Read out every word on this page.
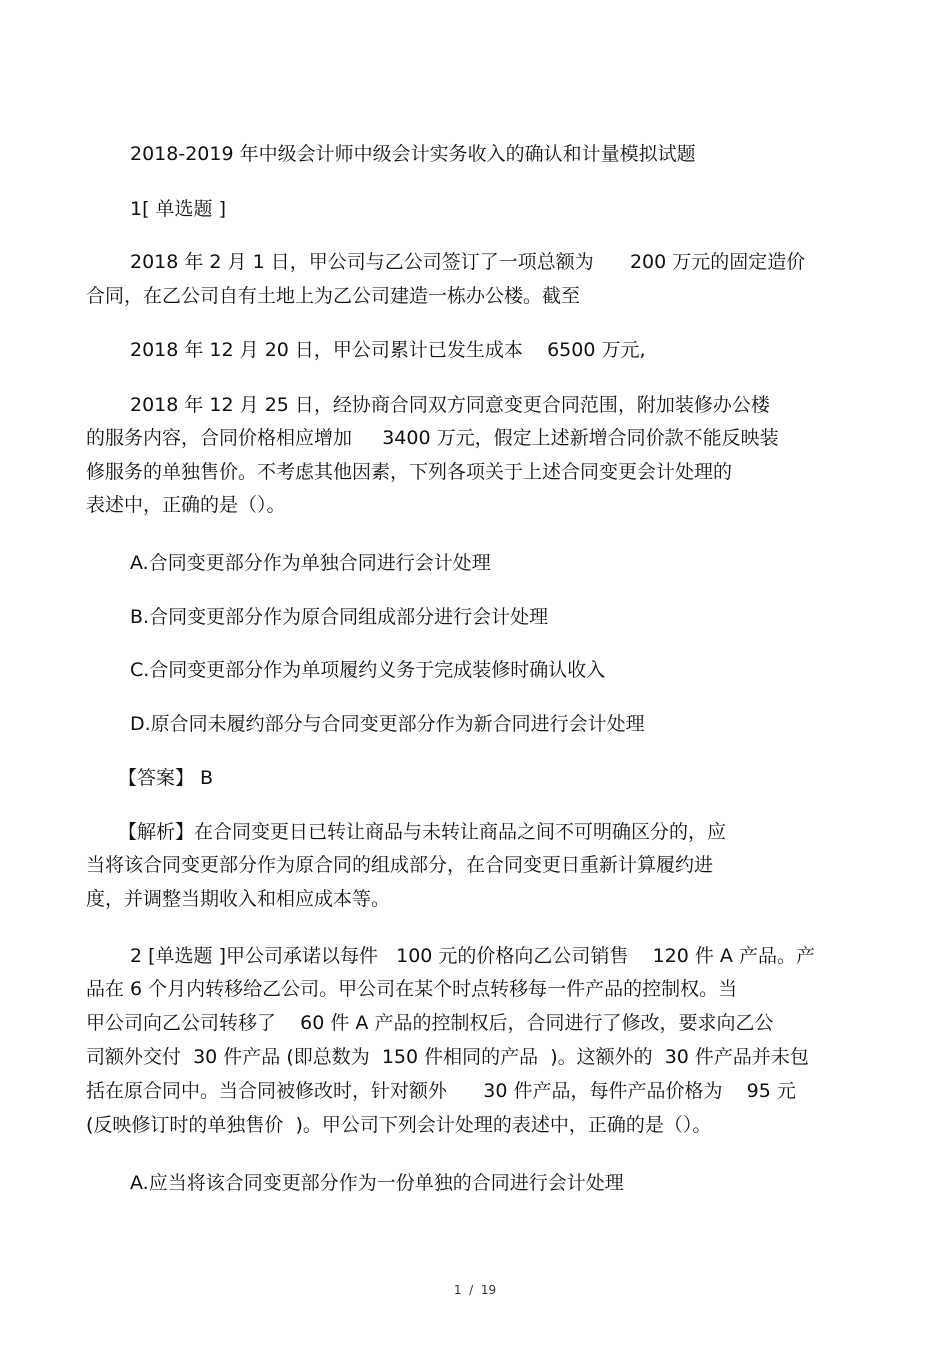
2018-2019 年中级会计师中级会计实务收入的确认和计量模拟试题
1[ 单选题 ]
2018 年 2 月 1 日，甲公司与乙公司签订了一项总额为      200 万元的固定造价
合同，在乙公司自有土地上为乙公司建造一栋办公楼。截至
2018 年 12 月 20 日，甲公司累计已发生成本    6500 万元,
2018 年 12 月 25 日，经协商合同双方同意变更合同范围，附加装修办公楼
的服务内容，合同价格相应增加     3400 万元，假定上述新增合同价款不能反映装
修服务的单独售价。不考虑其他因素，下列各项关于上述合同变更会计处理的
表述中，正确的是（）。
A.合同变更部分作为单独合同进行会计处理
B.合同变更部分作为原合同组成部分进行会计处理
C.合同变更部分作为单项履约义务于完成装修时确认收入
D.原合同未履约部分与合同变更部分作为新合同进行会计处理
【答案】 B
【解析】在合同变更日已转让商品与未转让商品之间不可明确区分的，应
当将该合同变更部分作为原合同的组成部分，在合同变更日重新计算履约进
度，并调整当期收入和相应成本等。
2 [单选题 ]甲公司承诺以每件   100 元的价格向乙公司销售    120 件 A 产品。产
品在 6 个月内转移给乙公司。甲公司在某个时点转移每一件产品的控制权。当
甲公司向乙公司转移了    60 件 A 产品的控制权后，合同进行了修改，要求向乙公
司额外交付  30 件产品 (即总数为  150 件相同的产品  )。这额外的  30 件产品并未包
括在原合同中。当合同被修改时，针对额外      30 件产品，每件产品价格为    95 元
(反映修订时的单独售价  )。甲公司下列会计处理的表述中，正确的是（）。
A.应当将该合同变更部分作为一份单独的合同进行会计处理
1  /  19
